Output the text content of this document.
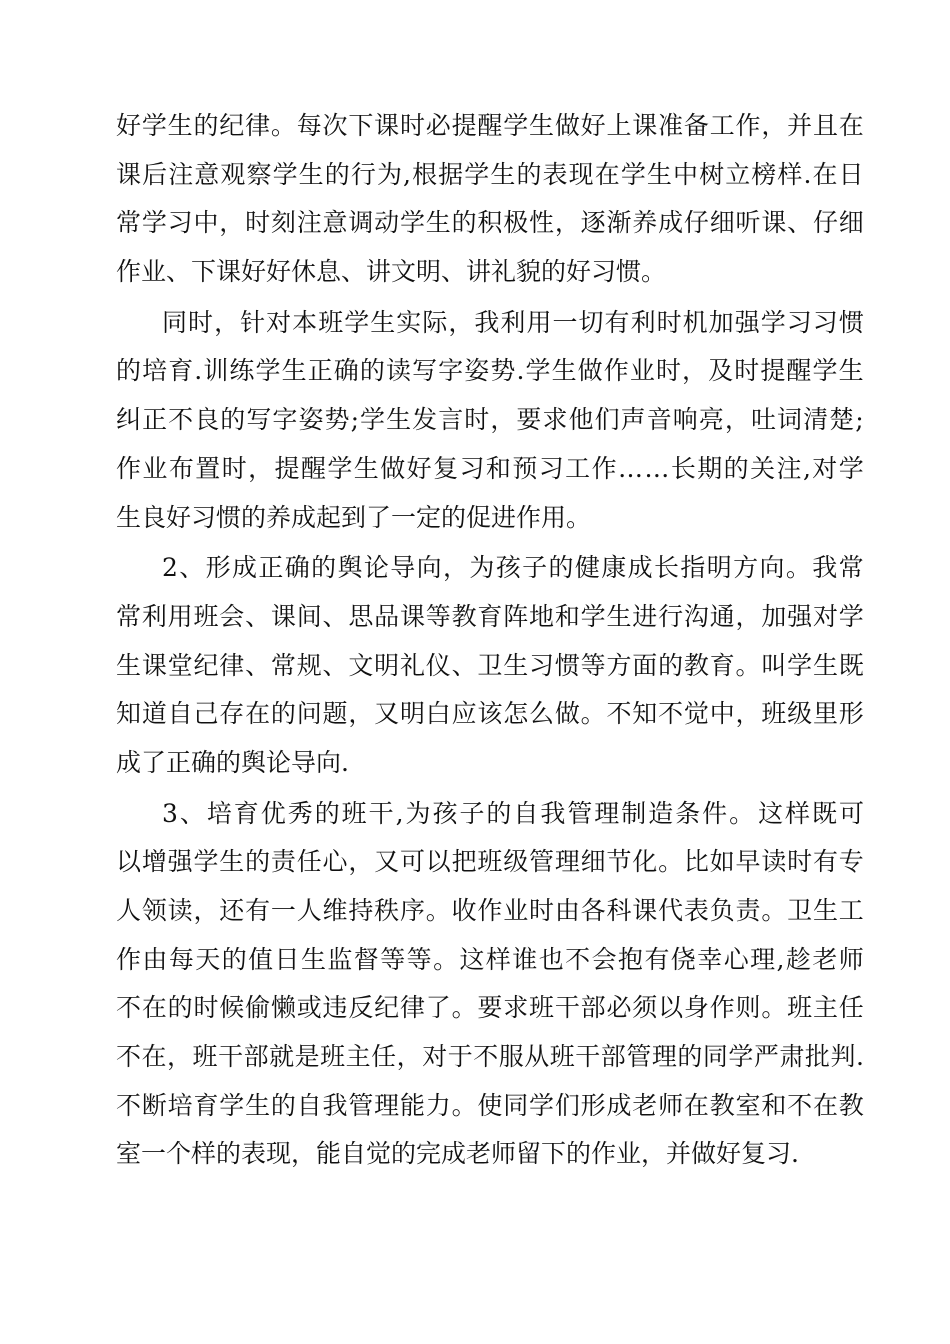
好 学 生 的 纪 律 。 每 次 下 课 时 必 提 醒 学 生 做 好 上 课 准 备 工 作 ， 并 且 在
课 后 注 意 观 察 学 生 的 行 为 , 根 据 学 生 的 表 现 在 学 生 中 树 立 榜 样 . 在 日
常 学 习 中 ， 时 刻 注 意 调 动 学 生 的 积 极 性 ， 逐 渐 养 成 仔 细 听 课 、 仔 细
作业、下课好好休息、讲文明、讲礼貌的好习惯。
同 时 ， 针 对 本 班 学 生 实 际 ， 我 利 用 一 切 有 利 时 机 加 强 学 习 习 惯
的 培 育 . 训 练 学 生 正 确 的 读 写 字 姿 势 . 学 生 做 作 业 时 ， 及 时 提 醒 学 生
纠 正 不 良 的 写 字 姿 势 ; 学 生 发 言 时 ， 要 求 他 们 声 音 响 亮 ， 吐 词 清 楚 ;
作 业 布 置 时 ， 提 醒 学 生 做 好 复 习 和 预 习 工 作 … … 长 期 的 关 注 , 对 学
生良好习惯的养成起到了一定的促进作用。
2 、 形 成 正 确 的 舆 论 导 向 ， 为 孩 子 的 健 康 成 长 指 明 方 向 。 我 常
常 利 用 班 会 、 课 间 、 思 品 课 等 教 育 阵 地 和 学 生 进 行 沟 通 ， 加 强 对 学
生 课 堂 纪 律 、 常 规 、 文 明 礼 仪 、 卫 生 习 惯 等 方 面 的 教 育 。 叫 学 生 既
知 道 自 己 存 在 的 问 题 ， 又 明 白 应 该 怎 么 做 。 不 知 不 觉 中 ， 班 级 里 形
成了正确的舆论导向.
3 、 培 育 优 秀 的 班 干 , 为 孩 子 的 自 我 管 理 制 造 条 件 。 这 样 既 可
以 增 强 学 生 的 责 任 心 ， 又 可 以 把 班 级 管 理 细 节 化 。 比 如 早 读 时 有 专
人 领 读 ， 还 有 一 人 维 持 秩 序 。 收 作 业 时 由 各 科 课 代 表 负 责 。 卫 生 工
作 由 每 天 的 值 日 生 监 督 等 等 。 这 样 谁 也 不 会 抱 有 侥 幸 心 理 , 趁 老 师
不 在 的 时 候 偷 懒 或 违 反 纪 律 了 。 要 求 班 干 部 必 须 以 身 作 则 。 班 主 任
不 在 ， 班 干 部 就 是 班 主 任 ， 对 于 不 服 从 班 干 部 管 理 的 同 学 严 肃 批 判 .
不 断 培 育 学 生 的 自 我 管 理 能 力 。 使 同 学 们 形 成 老 师 在 教 室 和 不 在 教
室一个样的表现，能自觉的完成老师留下的作业，并做好复习.
